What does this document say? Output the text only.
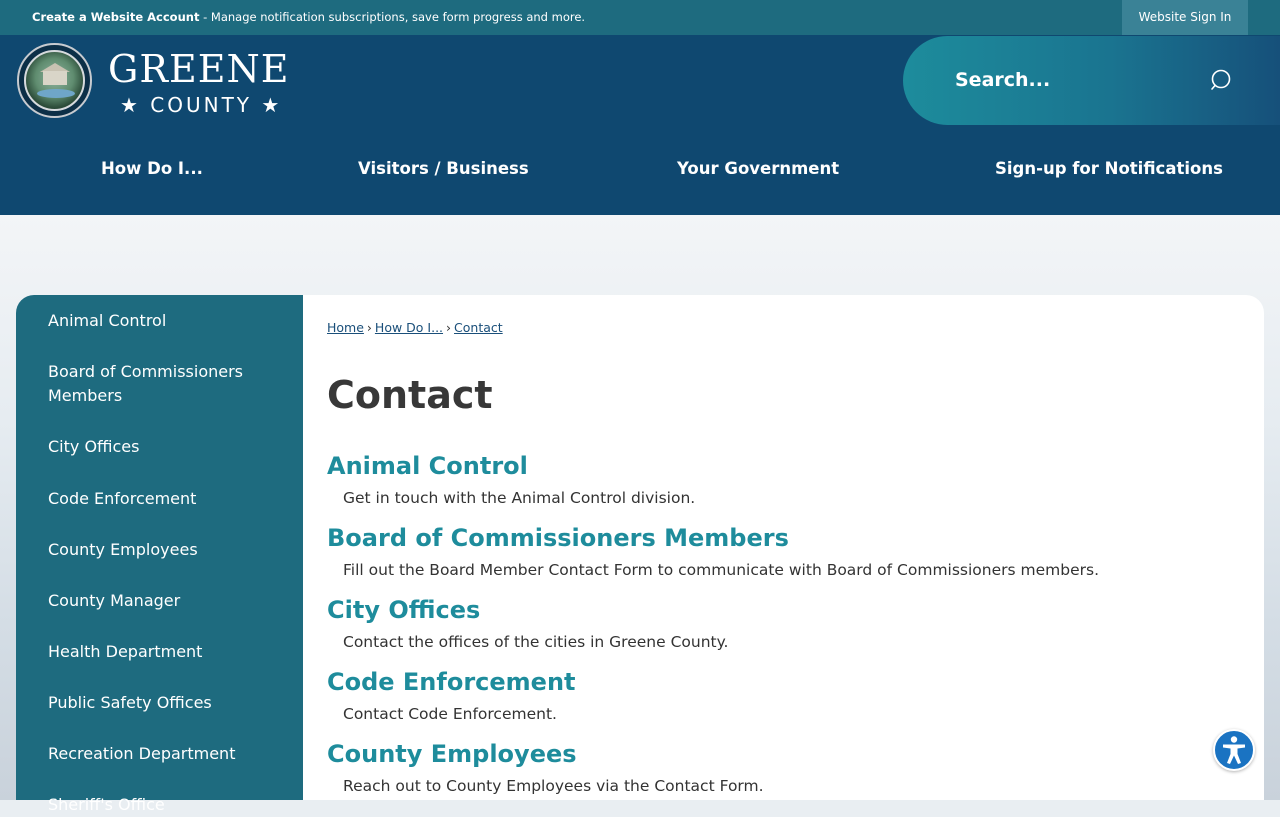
Create a Website Account - Manage notification subscriptions, save form progress and more.	Website Sign In
GREENE
★ COUNTY ★
Search...
How Do I...	Visitors / Business	Your Government	Sign-up for Notifications
Animal Control
Board of Commissioners Members
City Offices
Code Enforcement
County Employees
County Manager
Health Department
Public Safety Offices
Recreation Department
Sheriff's Office
Home › How Do I... › Contact
Contact
Animal Control
Get in touch with the Animal Control division.
Board of Commissioners Members
Fill out the Board Member Contact Form to communicate with Board of Commissioners members.
City Offices
Contact the offices of the cities in Greene County.
Code Enforcement
Contact Code Enforcement.
County Employees
Reach out to County Employees via the Contact Form.
